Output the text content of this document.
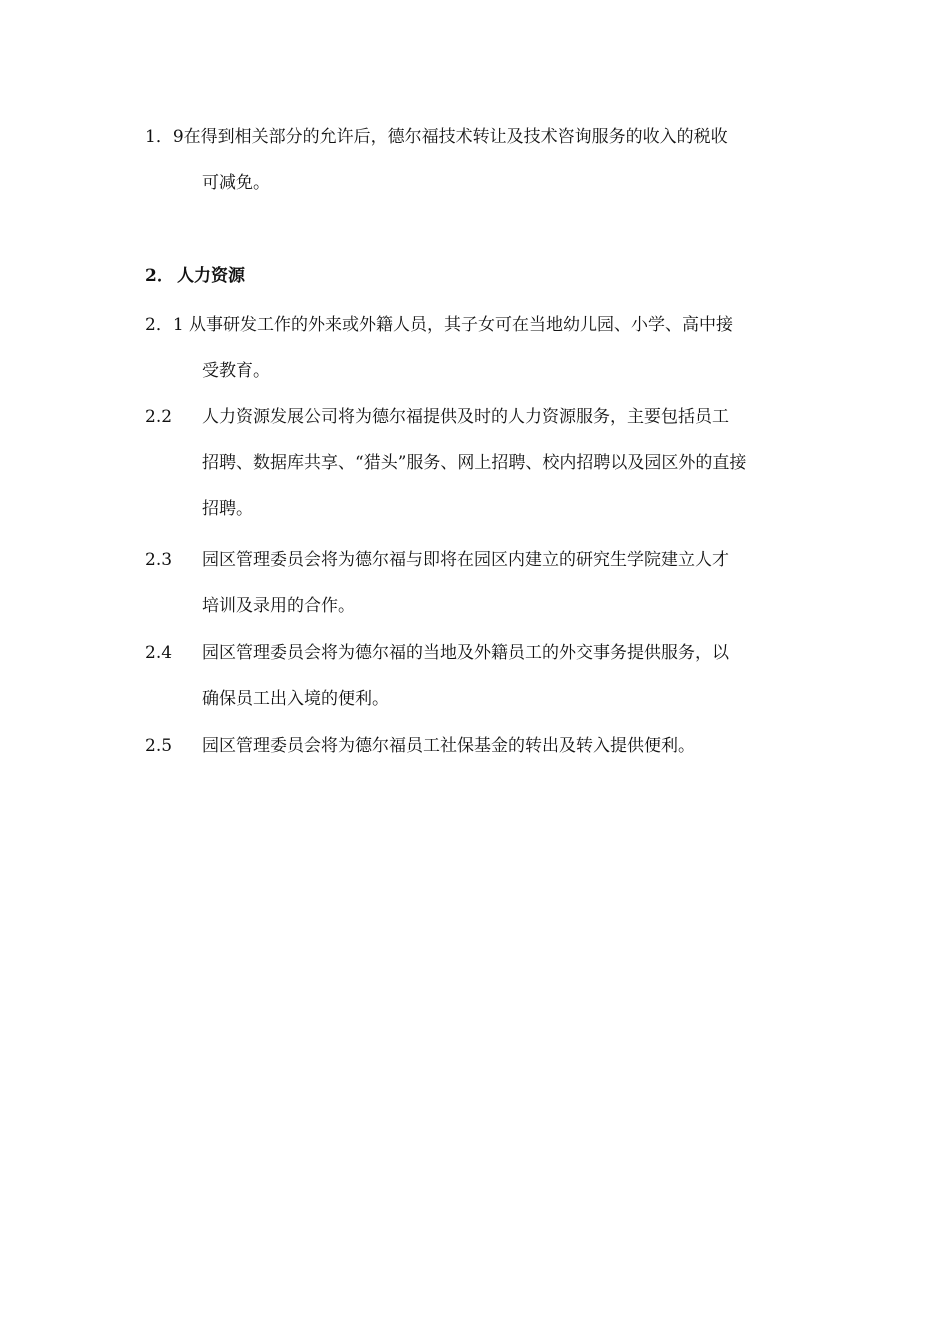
1．9在得到相关部分的允许后，德尔福技术转让及技术咨询服务的收入的税收
可减免。
2． 人力资源
2．1 从事研发工作的外来或外籍人员，其子女可在当地幼儿园、小学、高中接
受教育。
2.2 人力资源发展公司将为德尔福提供及时的人力资源服务，主要包括员工
招聘、数据库共享、“猎头”服务、网上招聘、校内招聘以及园区外的直接
招聘。
2.3 园区管理委员会将为德尔福与即将在园区内建立的研究生学院建立人才
培训及录用的合作。
2.4 园区管理委员会将为德尔福的当地及外籍员工的外交事务提供服务，以
确保员工出入境的便利。
2.5 园区管理委员会将为德尔福员工社保基金的转出及转入提供便利。
